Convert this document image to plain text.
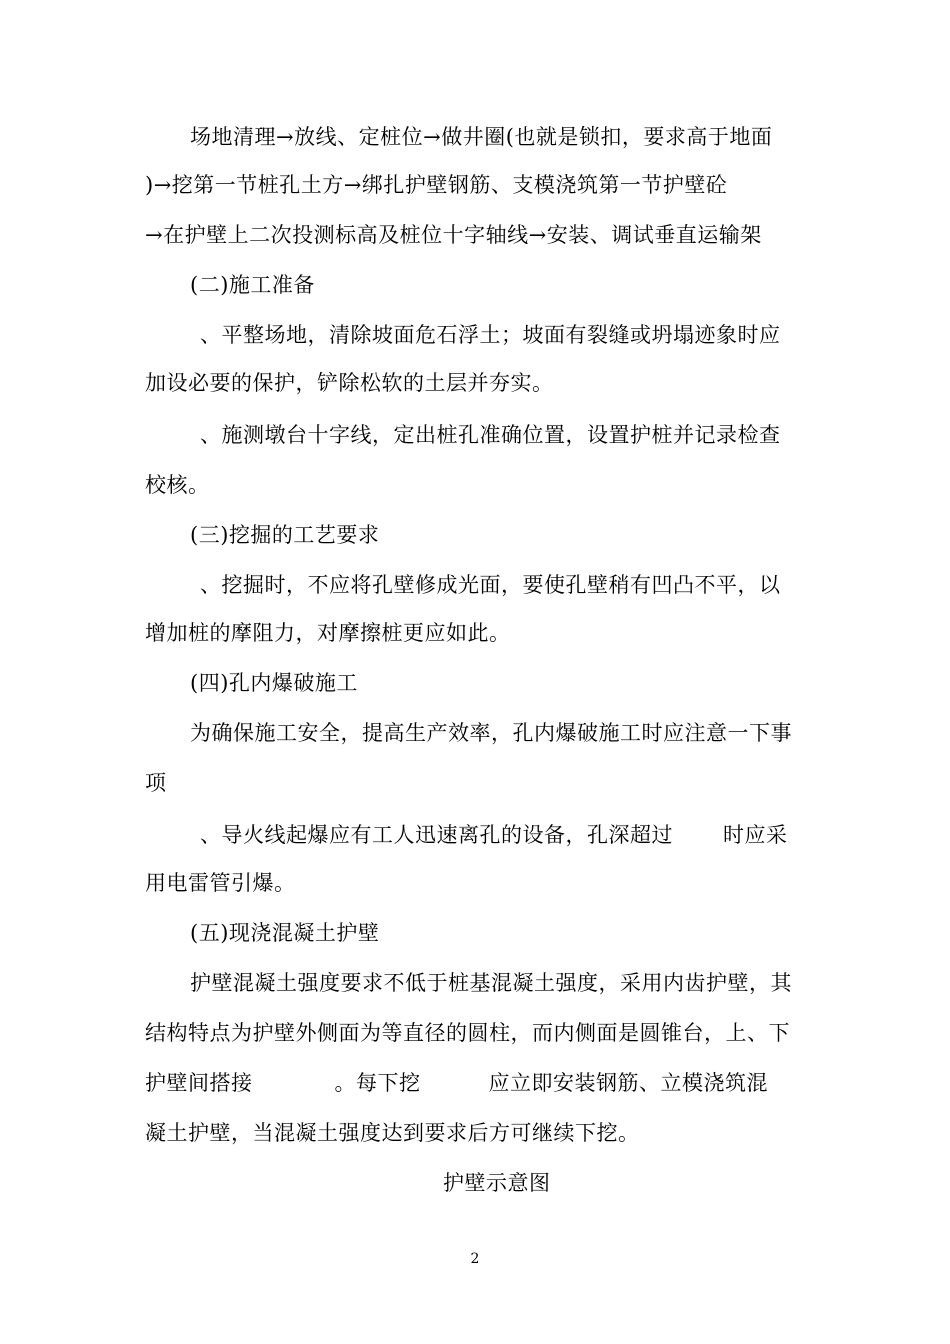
场地清理→放线、定桩位→做井圈(也就是锁扣，要求高于地面
)→挖第一节桩孔土方→绑扎护壁钢筋、支模浇筑第一节护壁砼
→在护壁上二次投测标高及桩位十字轴线→安装、调试垂直运输架
(二)施工准备
、平整场地，清除坡面危石浮土；坡面有裂缝或坍塌迹象时应
加设必要的保护，铲除松软的土层并夯实。
、施测墩台十字线，定出桩孔准确位置，设置护桩并记录检查
校核。
(三)挖掘的工艺要求
、挖掘时，不应将孔壁修成光面，要使孔壁稍有凹凸不平，以
增加桩的摩阻力，对摩擦桩更应如此。
(四)孔内爆破施工
为确保施工安全，提高生产效率，孔内爆破施工时应注意一下事
项
、导火线起爆应有工人迅速离孔的设备，孔深超过 时应采
用电雷管引爆。
(五)现浇混凝土护壁
护壁混凝土强度要求不低于桩基混凝土强度，采用内齿护壁，其
结构特点为护壁外侧面为等直径的圆柱，而内侧面是圆锥台，上、下
护壁间搭接	。每下挖	应立即安装钢筋、立模浇筑混
凝土护壁，当混凝土强度达到要求后方可继续下挖。
护壁示意图
2
